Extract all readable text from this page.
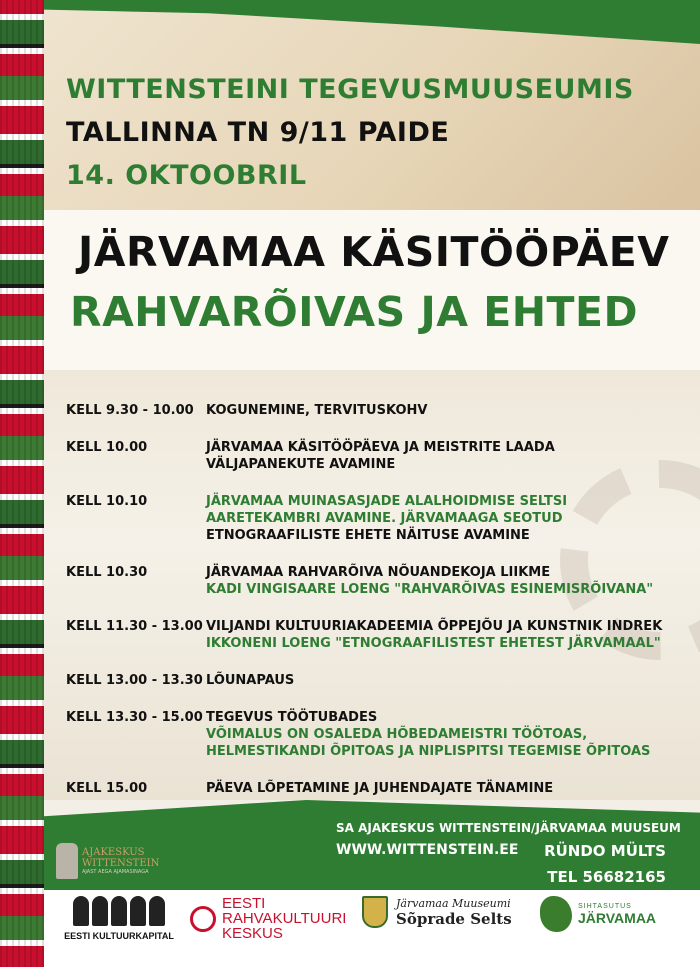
WITTENSTEINI TEGEVUSMUUSEUMIS
TALLINNA TN 9/11 PAIDE
14. OKTOOBRIL
JÄRVAMAA KÄSITÖÖPÄEV
RAHVARÕIVAS JA EHTED
KELL 9.30 - 10.00 KOGUNEMINE, TERVITUSKOHV
KELL 10.00	JÄRVAMAA KÄSITÖÖPÄEVA JA MEISTRITE LAADA
VÄLJAPANEKUTE AVAMINE
KELL 10.10	JÄRVAMAA MUINASASJADE ALALHOIDMISE SELTSI
AARETEKAMBRI AVAMINE. JÄRVAMAAGA SEOTUD
ETNOGRAAFILISTE EHETE NÄITUSE AVAMINE
KELL 10.30	JÄRVAMAA RAHVARÕIVA NÕUANDEKOJA LIIKME
KADI VINGISAARE LOENG "RAHVARÕIVAS ESINEMISRÕIVANA"
KELL 11.30 - 13.00 VILJANDI KULTUURIAKADEEMIA ÕPPEJÕU JA KUNSTNIK INDREK
IKKONENI LOENG "ETNOGRAAFILISTEST EHETEST JÄRVAMAAL"
KELL 13.00 - 13.30 LÕUNAPAUS
KELL 13.30 - 15.00 TEGEVUS TÖÖTUBADES
VÕIMALUS ON OSALEDA HÕBEDAMEISTRI TÖÖTOAS,
HELMESTIKANDI ÕPITOAS JA NIPLISPITSI TEGEMISE ÕPITOAS
KELL 15.00	PÄEVA LÕPETAMINE JA JUHENDAJATE TÄNAMINE
SA AJAKESKUS WITTENSTEIN/JÄRVAMAA MUUSEUM
WWW.WITTENSTEIN.EE RÜNDO MÜLTS
TEL 56682165
AJAKESKUS
WITTENSTEIN
AJAST AEGA AJAMASINAGA
EESTI KULTUURKAPITAL
EESTI
RAHVAKULTUURI
KESKUS
Järvamaa Muuseumi
Sõprade Selts
SIHTASUTUS
JÄRVAMAA
